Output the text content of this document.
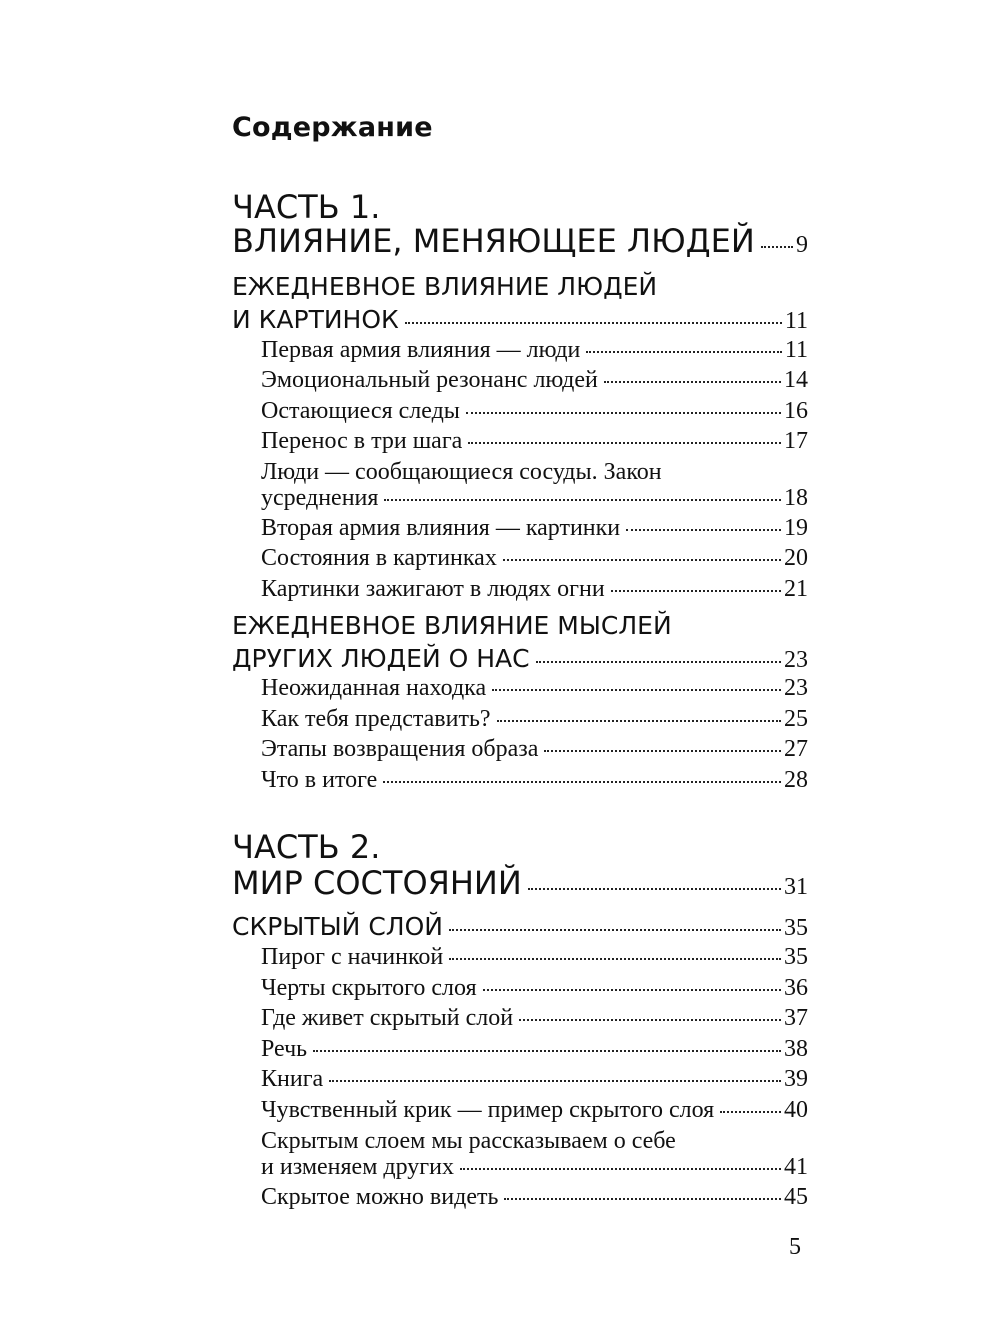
Содержание
ЧАСТЬ 1.
ВЛИЯНИЕ, МЕНЯЮЩЕЕ ЛЮДЕЙ 9
ЕЖЕДНЕВНОЕ ВЛИЯНИЕ ЛЮДЕЙ
И КАРТИНОК	11
Первая армия влияния — люди	11
Эмоциональный резонанс людей	14
Остающиеся следы	16
Перенос в три шага	17
Люди — сообщающиеся сосуды. Закон
усреднения	18
Вторая армия влияния — картинки	19
Состояния в картинках	20
Картинки зажигают в людях огни	21
ЕЖЕДНЕВНОЕ ВЛИЯНИЕ МЫСЛЕЙ
ДРУГИХ ЛЮДЕЙ О НАС	23
Неожиданная находка	23
Как тебя представить?	25
Этапы возвращения образа	27
Что в итоге	28
ЧАСТЬ 2.
МИР СОСТОЯНИЙ	31
СКРЫТЫЙ СЛОЙ	35
Пирог с начинкой	35
Черты скрытого слоя	36
Где живет скрытый слой	37
Речь	38
Книга	39
Чувственный крик — пример скрытого слоя	40
Скрытым слоем мы рассказываем о себе
и изменяем других	41
Скрытое можно видеть	45
5
